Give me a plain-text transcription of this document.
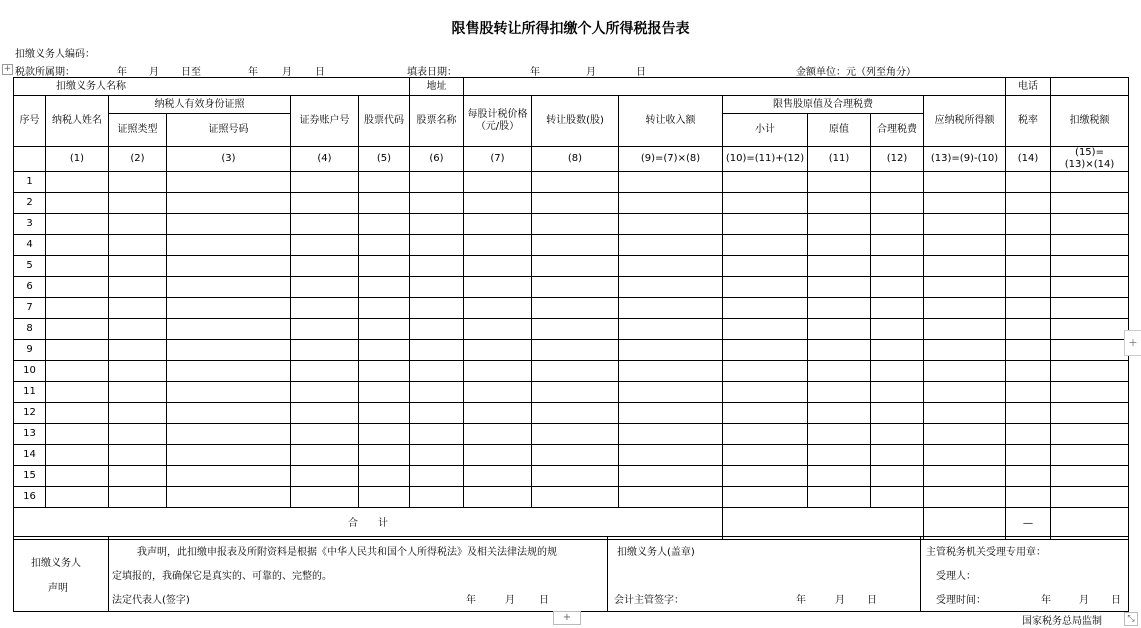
限售股转让所得扣缴个人所得税报告表
+
扣缴义务人编码：
税款所属期：	年 月 日至	年 月 日	填表日期：	年	月	日	金额单位：元（列至角分）
扣缴义务人名称						地址								电话	
序号	纳税人姓名	纳税人有效身份证照		证券账户号	股票代码	股票名称	每股计税价格（元/股）	转让股数(股)	转让收入额	限售股原值及合理税费			应纳税所得额	税率	扣缴税额
		证照类型	证照号码							小计	原值	合理税费			
	(1)	(2)	(3)	(4)	(5)	(6)	(7)	(8)	(9)=(7)×(8)	(10)=(11)+(12)	(11)	(12)	(13)=(9)-(10)	(14)	(15)=(13)×(14)
1															
2															
3															
4															
5															
6															
7															
8															
9															
10															
11															
12															
13															
14															
15															
16															
合　　计														—	
扣缴义务人
声明

我声明，此扣缴申报表及所附资料是根据《中华人民共和国个人所得税法》及相关法律法规的规
定填报的，我确保它是真实的、可靠的、完整的。
法定代表人(签字)	年	月 日

扣缴义务人(盖章)
会计主管签字：	年	月 日

主管税务机关受理专用章：
受理人：
受理时间：	年	月 日
+
+	国家税务总局监制	⤡
